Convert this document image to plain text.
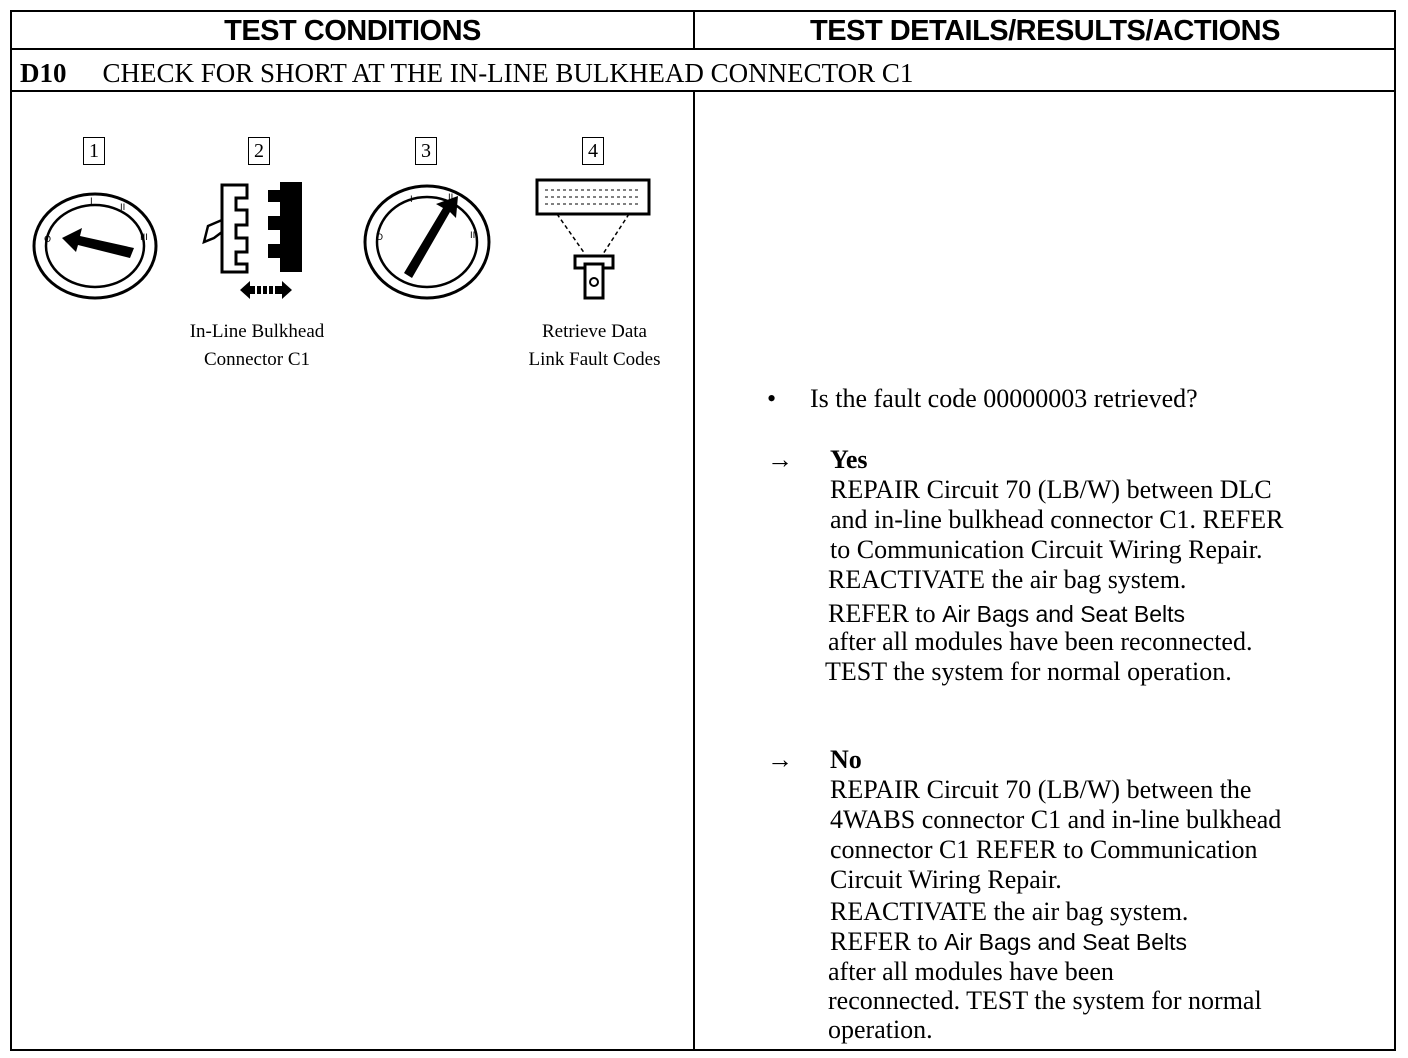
TEST CONDITIONS	TEST DETAILS/RESULTS/ACTIONS
D10 CHECK FOR SHORT AT THE IN-LINE BULKHEAD CONNECTOR C1
1
O
I
II
III
2
In-Line Bulkhead
Connector C1
3
O
I	II
III
4
Retrieve Data
Link Fault Codes
• Is the fault code 00000003 retrieved?
→ Yes
REPAIR Circuit 70 (LB/W) between DLC
and in-line bulkhead connector C1. REFER
to Communication Circuit Wiring Repair.
REACTIVATE the air bag system.
REFER to Air Bags and Seat Belts
after all modules have been reconnected.
TEST the system for normal operation.
→ No
REPAIR Circuit 70 (LB/W) between the
4WABS connector C1 and in-line bulkhead
connector C1 REFER to Communication
Circuit Wiring Repair.
REACTIVATE the air bag system.
REFER to Air Bags and Seat Belts
after all modules have been
reconnected. TEST the system for normal
operation.
